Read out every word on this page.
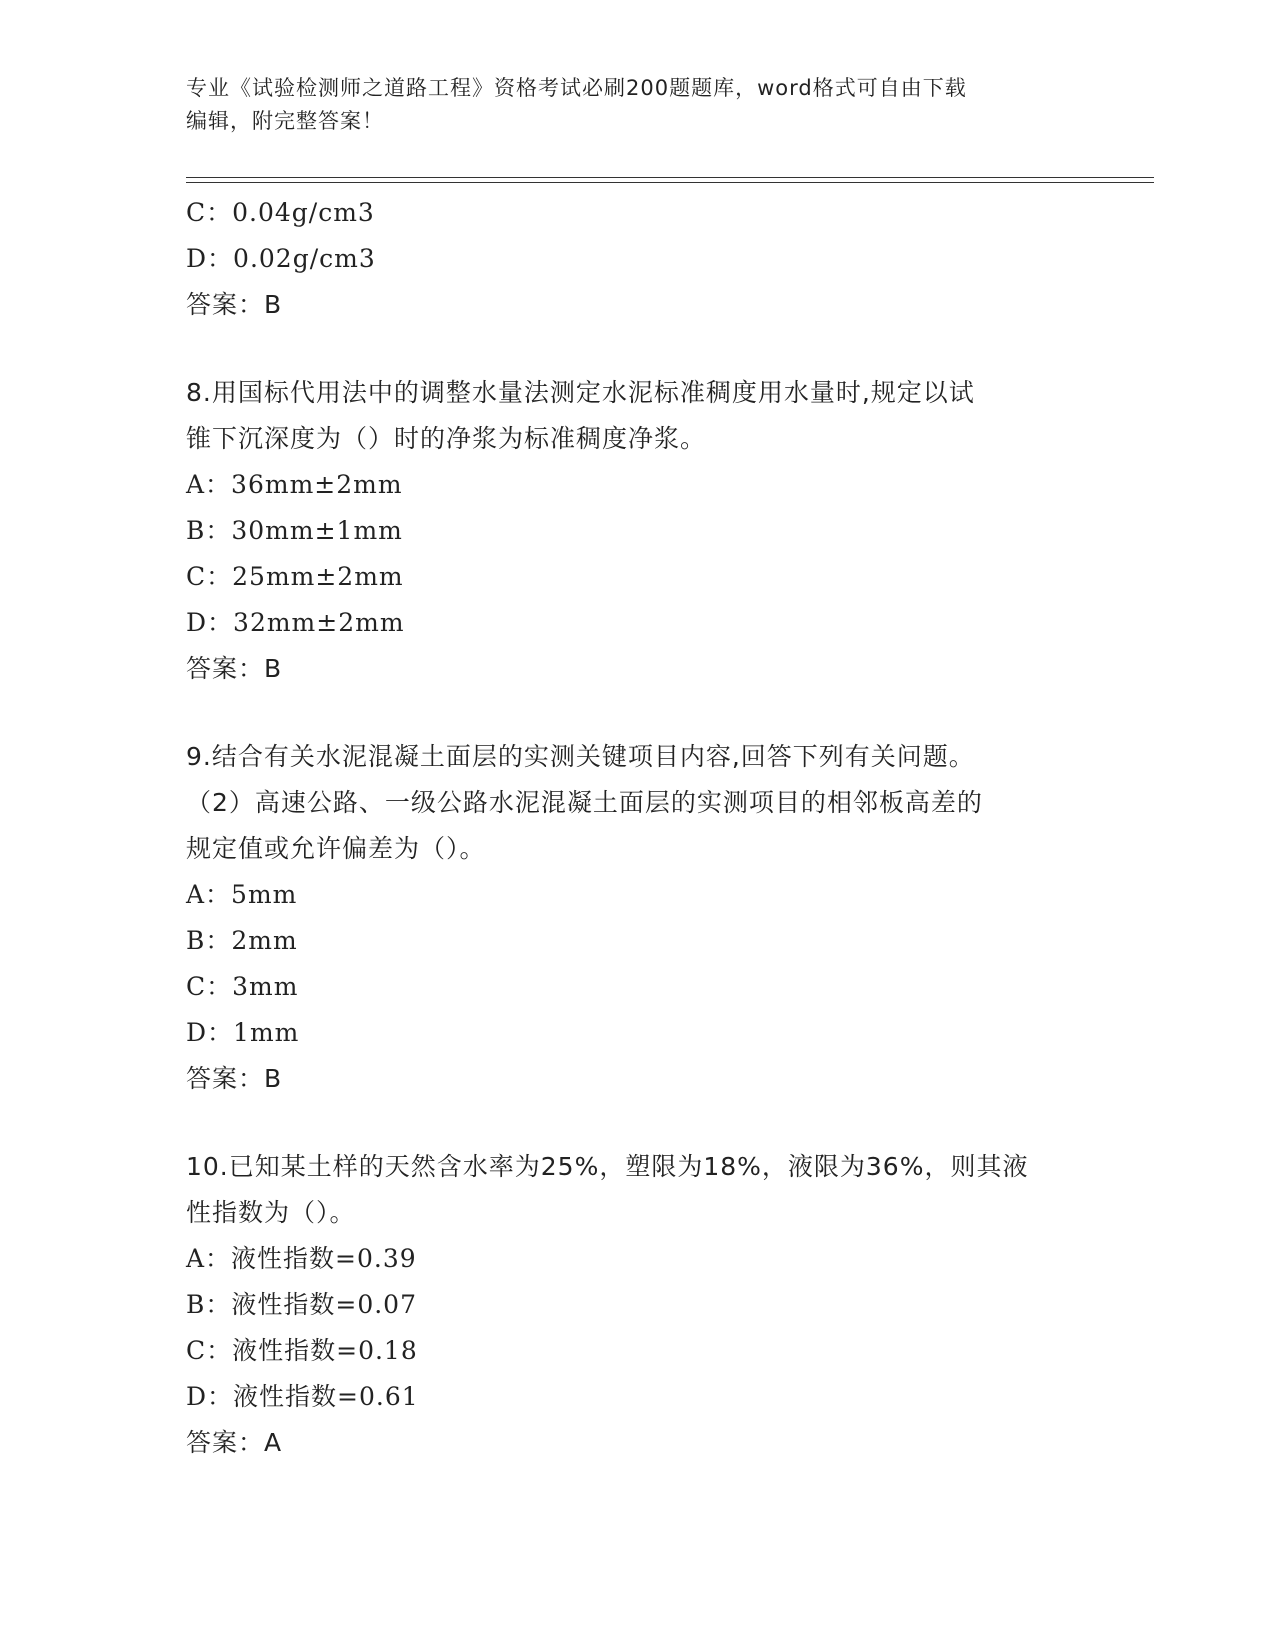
专业《试验检测师之道路工程》资格考试必刷200题题库，word格式可自由下载
编辑，附完整答案！
C：0.04g/cm3
D：0.02g/cm3
答案：B
8.用国标代用法中的调整水量法测定水泥标准稠度用水量时,规定以试
锥下沉深度为（）时的净浆为标准稠度净浆。
A：36mm±2mm
B：30mm±1mm
C：25mm±2mm
D：32mm±2mm
答案：B
9.结合有关水泥混凝土面层的实测关键项目内容,回答下列有关问题。
（2）高速公路、一级公路水泥混凝土面层的实测项目的相邻板高差的
规定值或允许偏差为（）。
A：5mm
B：2mm
C：3mm
D：1mm
答案：B
10.已知某土样的天然含水率为25%，塑限为18%，液限为36%，则其液
性指数为（）。
A：液性指数=0.39
B：液性指数=0.07
C：液性指数=0.18
D：液性指数=0.61
答案：A
